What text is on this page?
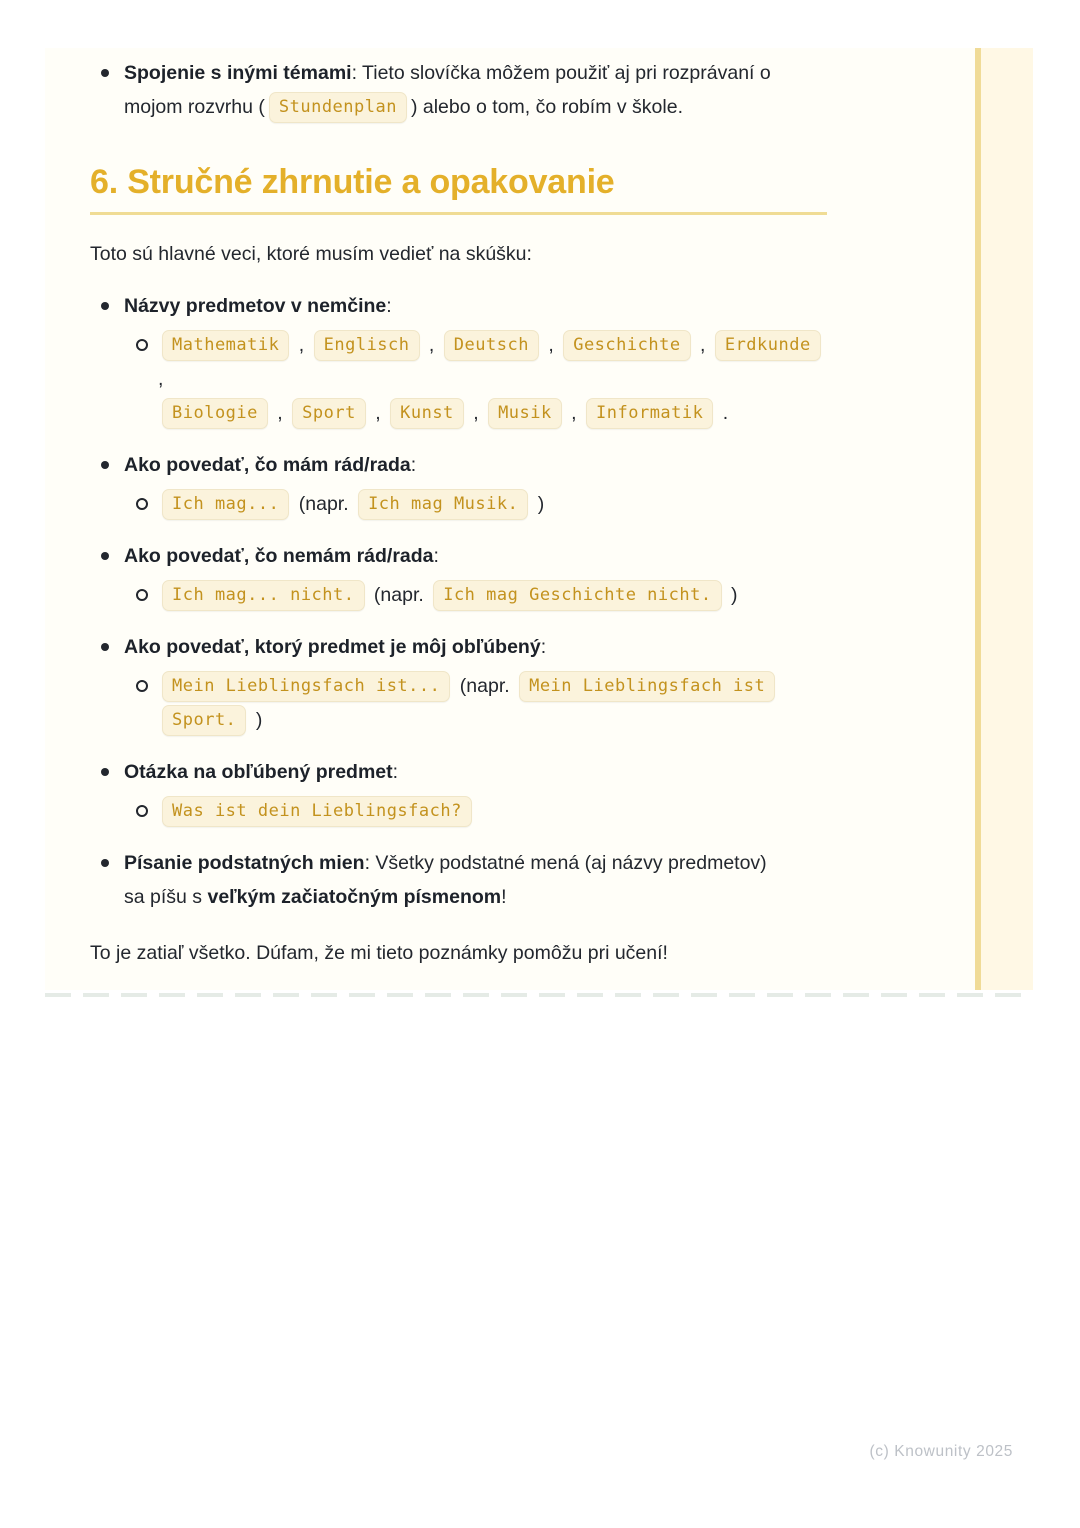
Spojenie s inými témami: Tieto slovíčka môžem použiť aj pri rozprávaní o
mojom rozvrhu ( Stundenplan ) alebo o tom, čo robím v škole.
6. Stručné zhrnutie a opakovanie
Toto sú hlavné veci, ktoré musím vedieť na skúšku:
Názvy predmetov v nemčine:
Mathematik , Englisch , Deutsch , Geschichte , Erdkunde ,
Biologie , Sport , Kunst , Musik , Informatik .
Ako povedať, čo mám rád/rada:
Ich mag... (napr. Ich mag Musik. )
Ako povedať, čo nemám rád/rada:
Ich mag... nicht. (napr. Ich mag Geschichte nicht. )
Ako povedať, ktorý predmet je môj obľúbený:
Mein Lieblingsfach ist... (napr. Mein Lieblingsfach ist
Sport. )
Otázka na obľúbený predmet:
Was ist dein Lieblingsfach?
Písanie podstatných mien: Všetky podstatné mená (aj názvy predmetov)
sa píšu s veľkým začiatočným písmenom!
To je zatiaľ všetko. Dúfam, že mi tieto poznámky pomôžu pri učení!
(c) Knowunity 2025
